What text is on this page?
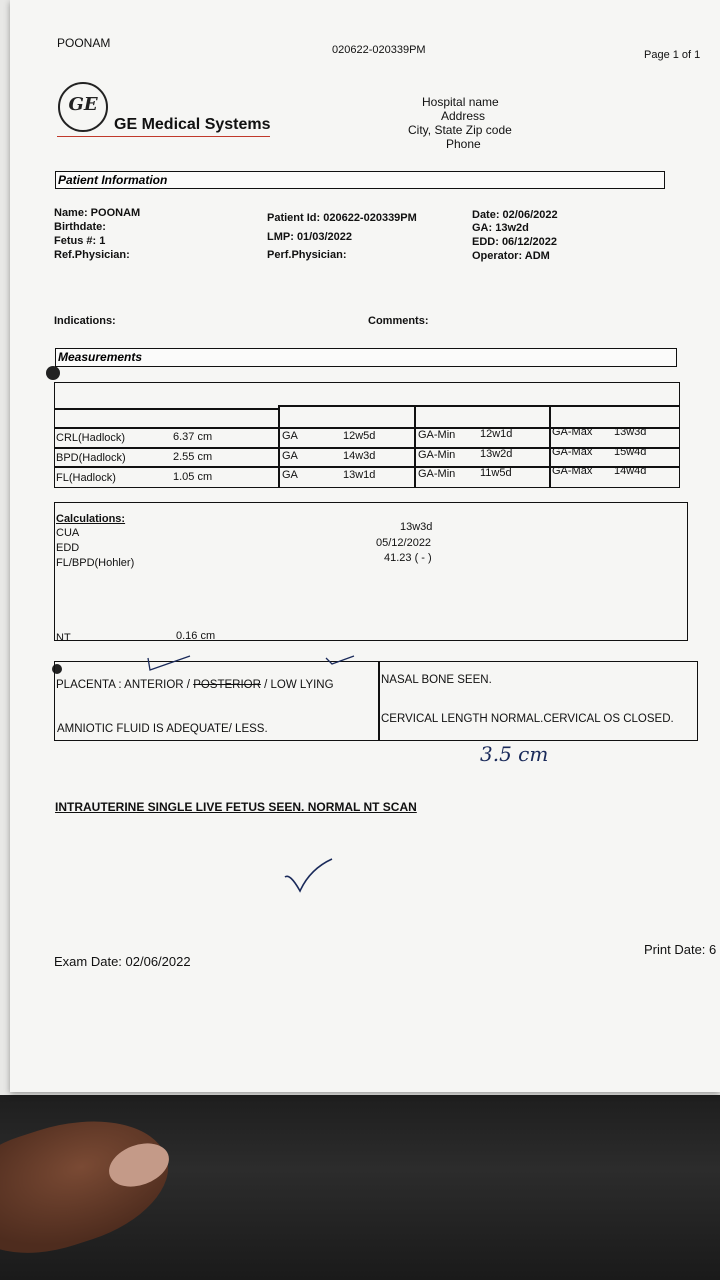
POONAM	020622-020339PM	Page 1 of 1
GE
GE Medical Systems
Hospital name
Address
City, State Zip code
Phone
Patient Information
Name: POONAM
Birthdate:
Fetus #: 1
Ref.Physician:
Patient Id: 020622-020339PM
LMP: 01/03/2022
Perf.Physician:
Date: 02/06/2022
GA: 13w2d
EDD: 06/12/2022
Operator: ADM
Indications:	Comments:
Measurements
CRL(Hadlock)	6.37 cm	GA	12w5d	GA-Min 12w1d	GA-Max 13w3d
BPD(Hadlock)	2.55 cm	GA	14w3d	GA-Min 13w2d	GA-Max 15w4d
FL(Hadlock)	1.05 cm	GA	13w1d	GA-Min 11w5d	GA-Max 14w4d
Calculations:
CUA	13w3d
EDD	05/12/2022
FL/BPD(Hohler)	41.23 ( - )
NT	0.16 cm
PLACENTA : ANTERIOR / POSTERIOR / LOW LYING	NASAL BONE SEEN.
AMNIOTIC FLUID IS ADEQUATE/ LESS.
CERVICAL LENGTH NORMAL.CERVICAL OS CLOSED.
3.5 cm
INTRAUTERINE SINGLE LIVE FETUS SEEN. NORMAL NT SCAN
Exam Date: 02/06/2022
Print Date: 6
